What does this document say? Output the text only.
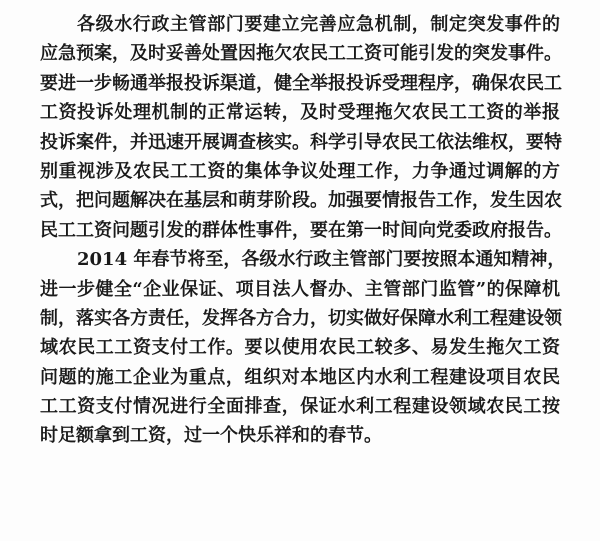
各级水行政主管部门要建立完善应急机制，制定突发事件的
应急预案，及时妥善处置因拖欠农民工工资可能引发的突发事件。
要进一步畅通举报投诉渠道，健全举报投诉受理程序，确保农民工
工资投诉处理机制的正常运转，及时受理拖欠农民工工资的举报
投诉案件，并迅速开展调查核实。科学引导农民工依法维权，要特
别重视涉及农民工工资的集体争议处理工作，力争通过调解的方
式，把问题解决在基层和萌芽阶段。加强要情报告工作，发生因农
民工工资问题引发的群体性事件，要在第一时间向党委政府报告。
2014 年春节将至，各级水行政主管部门要按照本通知精神，
进一步健全“企业保证、项目法人督办、主管部门监管”的保障机
制，落实各方责任，发挥各方合力，切实做好保障水利工程建设领
域农民工工资支付工作。要以使用农民工较多、易发生拖欠工资
问题的施工企业为重点，组织对本地区内水利工程建设项目农民
工工资支付情况进行全面排查，保证水利工程建设领域农民工按
时足额拿到工资，过一个快乐祥和的春节。
